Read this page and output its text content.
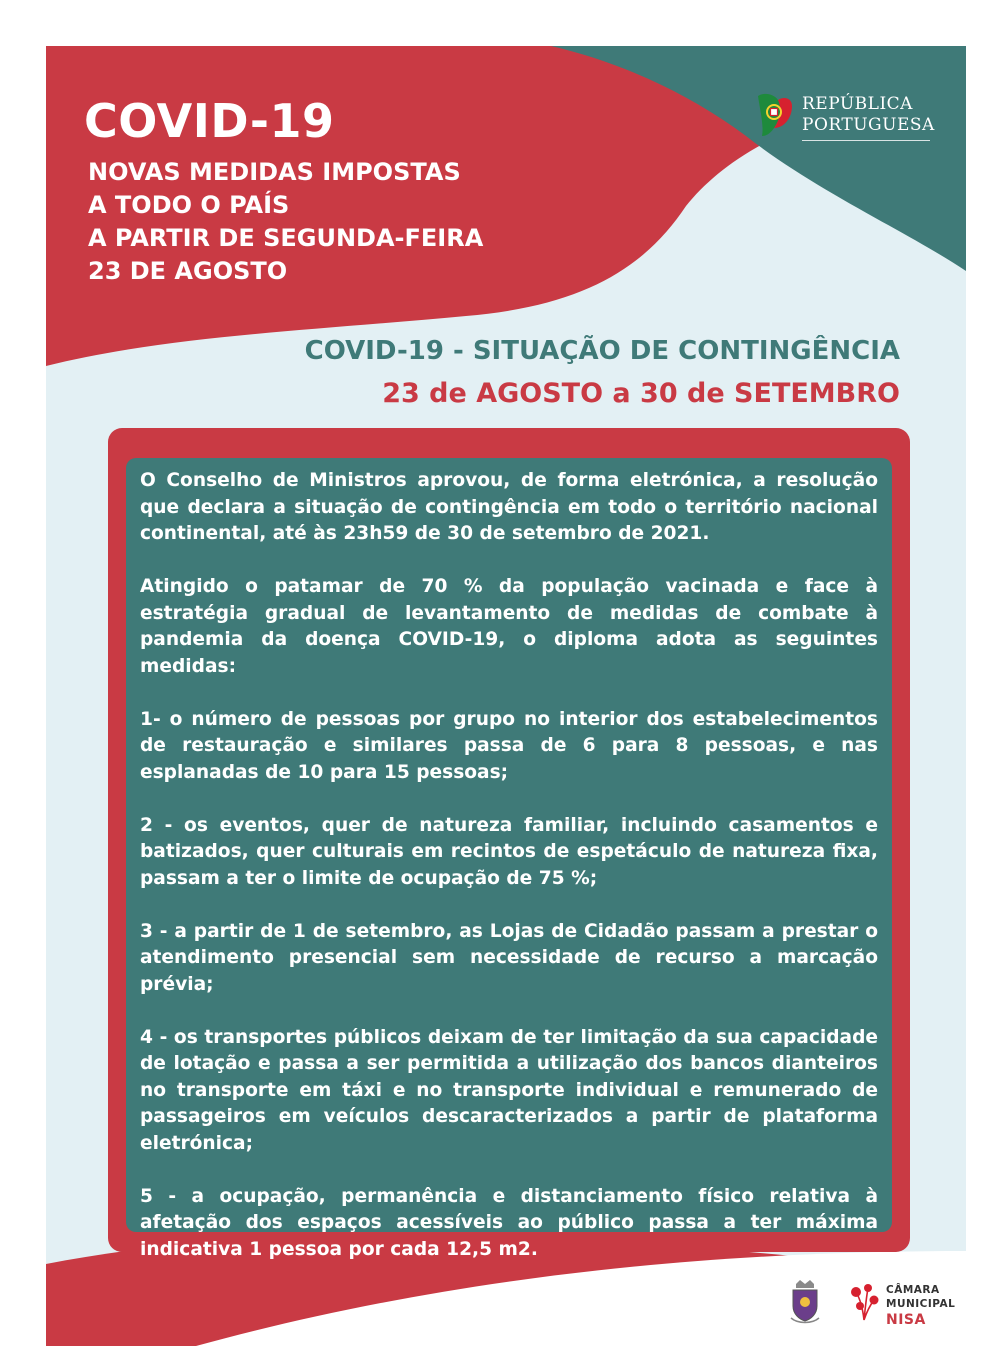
COVID-19

NOVAS MEDIDAS IMPOSTAS

A TODO O PAÍS

A PARTIR DE SEGUNDA-FEIRA

23 DE AGOSTO

REPÚBLICA
PORTUGUESA
COVID-19 - SITUAÇÃO DE CONTINGÊNCIA
23 de AGOSTO a 30 de SETEMBRO

O Conselho de Ministros aprovou, de forma eletrónica, a resolução que declara a situação de contingência em todo o território nacional continental, até às 23h59 de 30 de setembro de 2021.

Atingido o patamar de 70 % da população vacinada e face à estratégia gradual de levantamento de medidas de combate à pandemia da doença COVID-19, o diploma adota as seguintes medidas:

1- o número de pessoas por grupo no interior dos estabelecimentos de restauração e similares passa de 6 para 8 pessoas, e nas esplanadas de 10 para 15 pessoas;

2 - os eventos, quer de natureza familiar, incluindo casamentos e batizados, quer culturais em recintos de espetáculo de natureza fixa, passam a ter o limite de ocupação de 75 %;

3 - a partir de 1 de setembro, as Lojas de Cidadão passam a prestar o atendimento presencial sem necessidade de recurso a marcação prévia;

4 - os transportes públicos deixam de ter limitação da sua capacidade de lotação e passa a ser permitida a utilização dos bancos dianteiros no transporte em táxi e no transporte individual e remunerado de passageiros em veículos descaracterizados a partir de plataforma eletrónica;

5 - a ocupação, permanência e distanciamento físico relativa à afetação dos espaços acessíveis ao público passa a ter máxima indicativa 1 pessoa por cada 12,5 m2.

CÂMARA
MUNICIPAL
NISA
